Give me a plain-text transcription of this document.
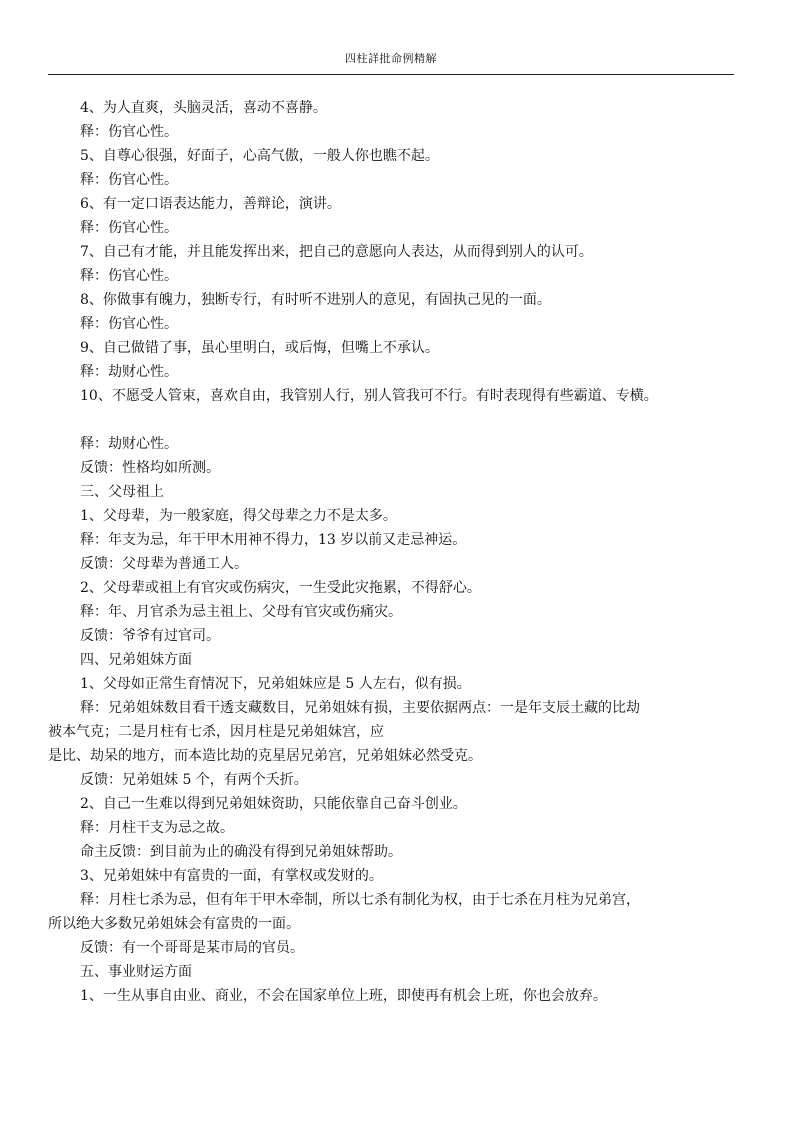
$^{四柱詳批命例精解}$
4、为人直爽，头脑灵活，喜动不喜静。
释：伤官心性。
5、自尊心很强，好面子，心高气傲，一般人你也瞧不起。
释：伤官心性。
6、有一定口语表达能力，善辩论，演讲。
释：伤官心性。
7、自己有才能，并且能发挥出来，把自己的意愿向人表达，从而得到别人的认可。
释：伤官心性。
8、你做事有魄力，独断专行，有时听不进别人的意见，有固执己见的一面。
释：伤官心性。
9、自己做错了事，虽心里明白，或后悔，但嘴上不承认。
释：劫财心性。
10、不愿受人管束，喜欢自由，我管别人行，别人管我可不行。有时表现得有些霸道、专横。
释：劫财心性。
反馈：性格均如所测。
三、父母祖上
1、父母辈，为一般家庭，得父母辈之力不是太多。
释：年支为忌，年干甲木用神不得力，13 岁以前又走忌神运。
反馈：父母辈为普通工人。
2、父母辈或祖上有官灾或伤病灾，一生受此灾拖累，不得舒心。
释：年、月官杀为忌主祖上、父母有官灾或伤痛灾。
反馈：爷爷有过官司。
四、兄弟姐妹方面
1、父母如正常生育情况下，兄弟姐妹应是 5 人左右，似有损。
释：兄弟姐妹数目看干透支藏数目，兄弟姐妹有损，主要依据两点：一是年支辰土藏的比劫
被本气克；二是月柱有七杀，因月柱是兄弟姐妹宫，应
是比、劫呆的地方，而本造比劫的克星居兄弟宫，兄弟姐妹必然受克。
反馈：兄弟姐妹 5 个，有两个夭折。
2、自己一生难以得到兄弟姐妹资助，只能依靠自己奋斗创业。
释：月柱干支为忌之故。
命主反馈：到目前为止的确没有得到兄弟姐妹帮助。
3、兄弟姐妹中有富贵的一面，有掌权或发财的。
释：月柱七杀为忌，但有年干甲木牵制，所以七杀有制化为权，由于七杀在月柱为兄弟宫，
所以绝大多数兄弟姐妹会有富贵的一面。
反馈：有一个哥哥是某市局的官员。
五、事业财运方面
1、一生从事自由业、商业，不会在国家单位上班，即使再有机会上班，你也会放弃。
